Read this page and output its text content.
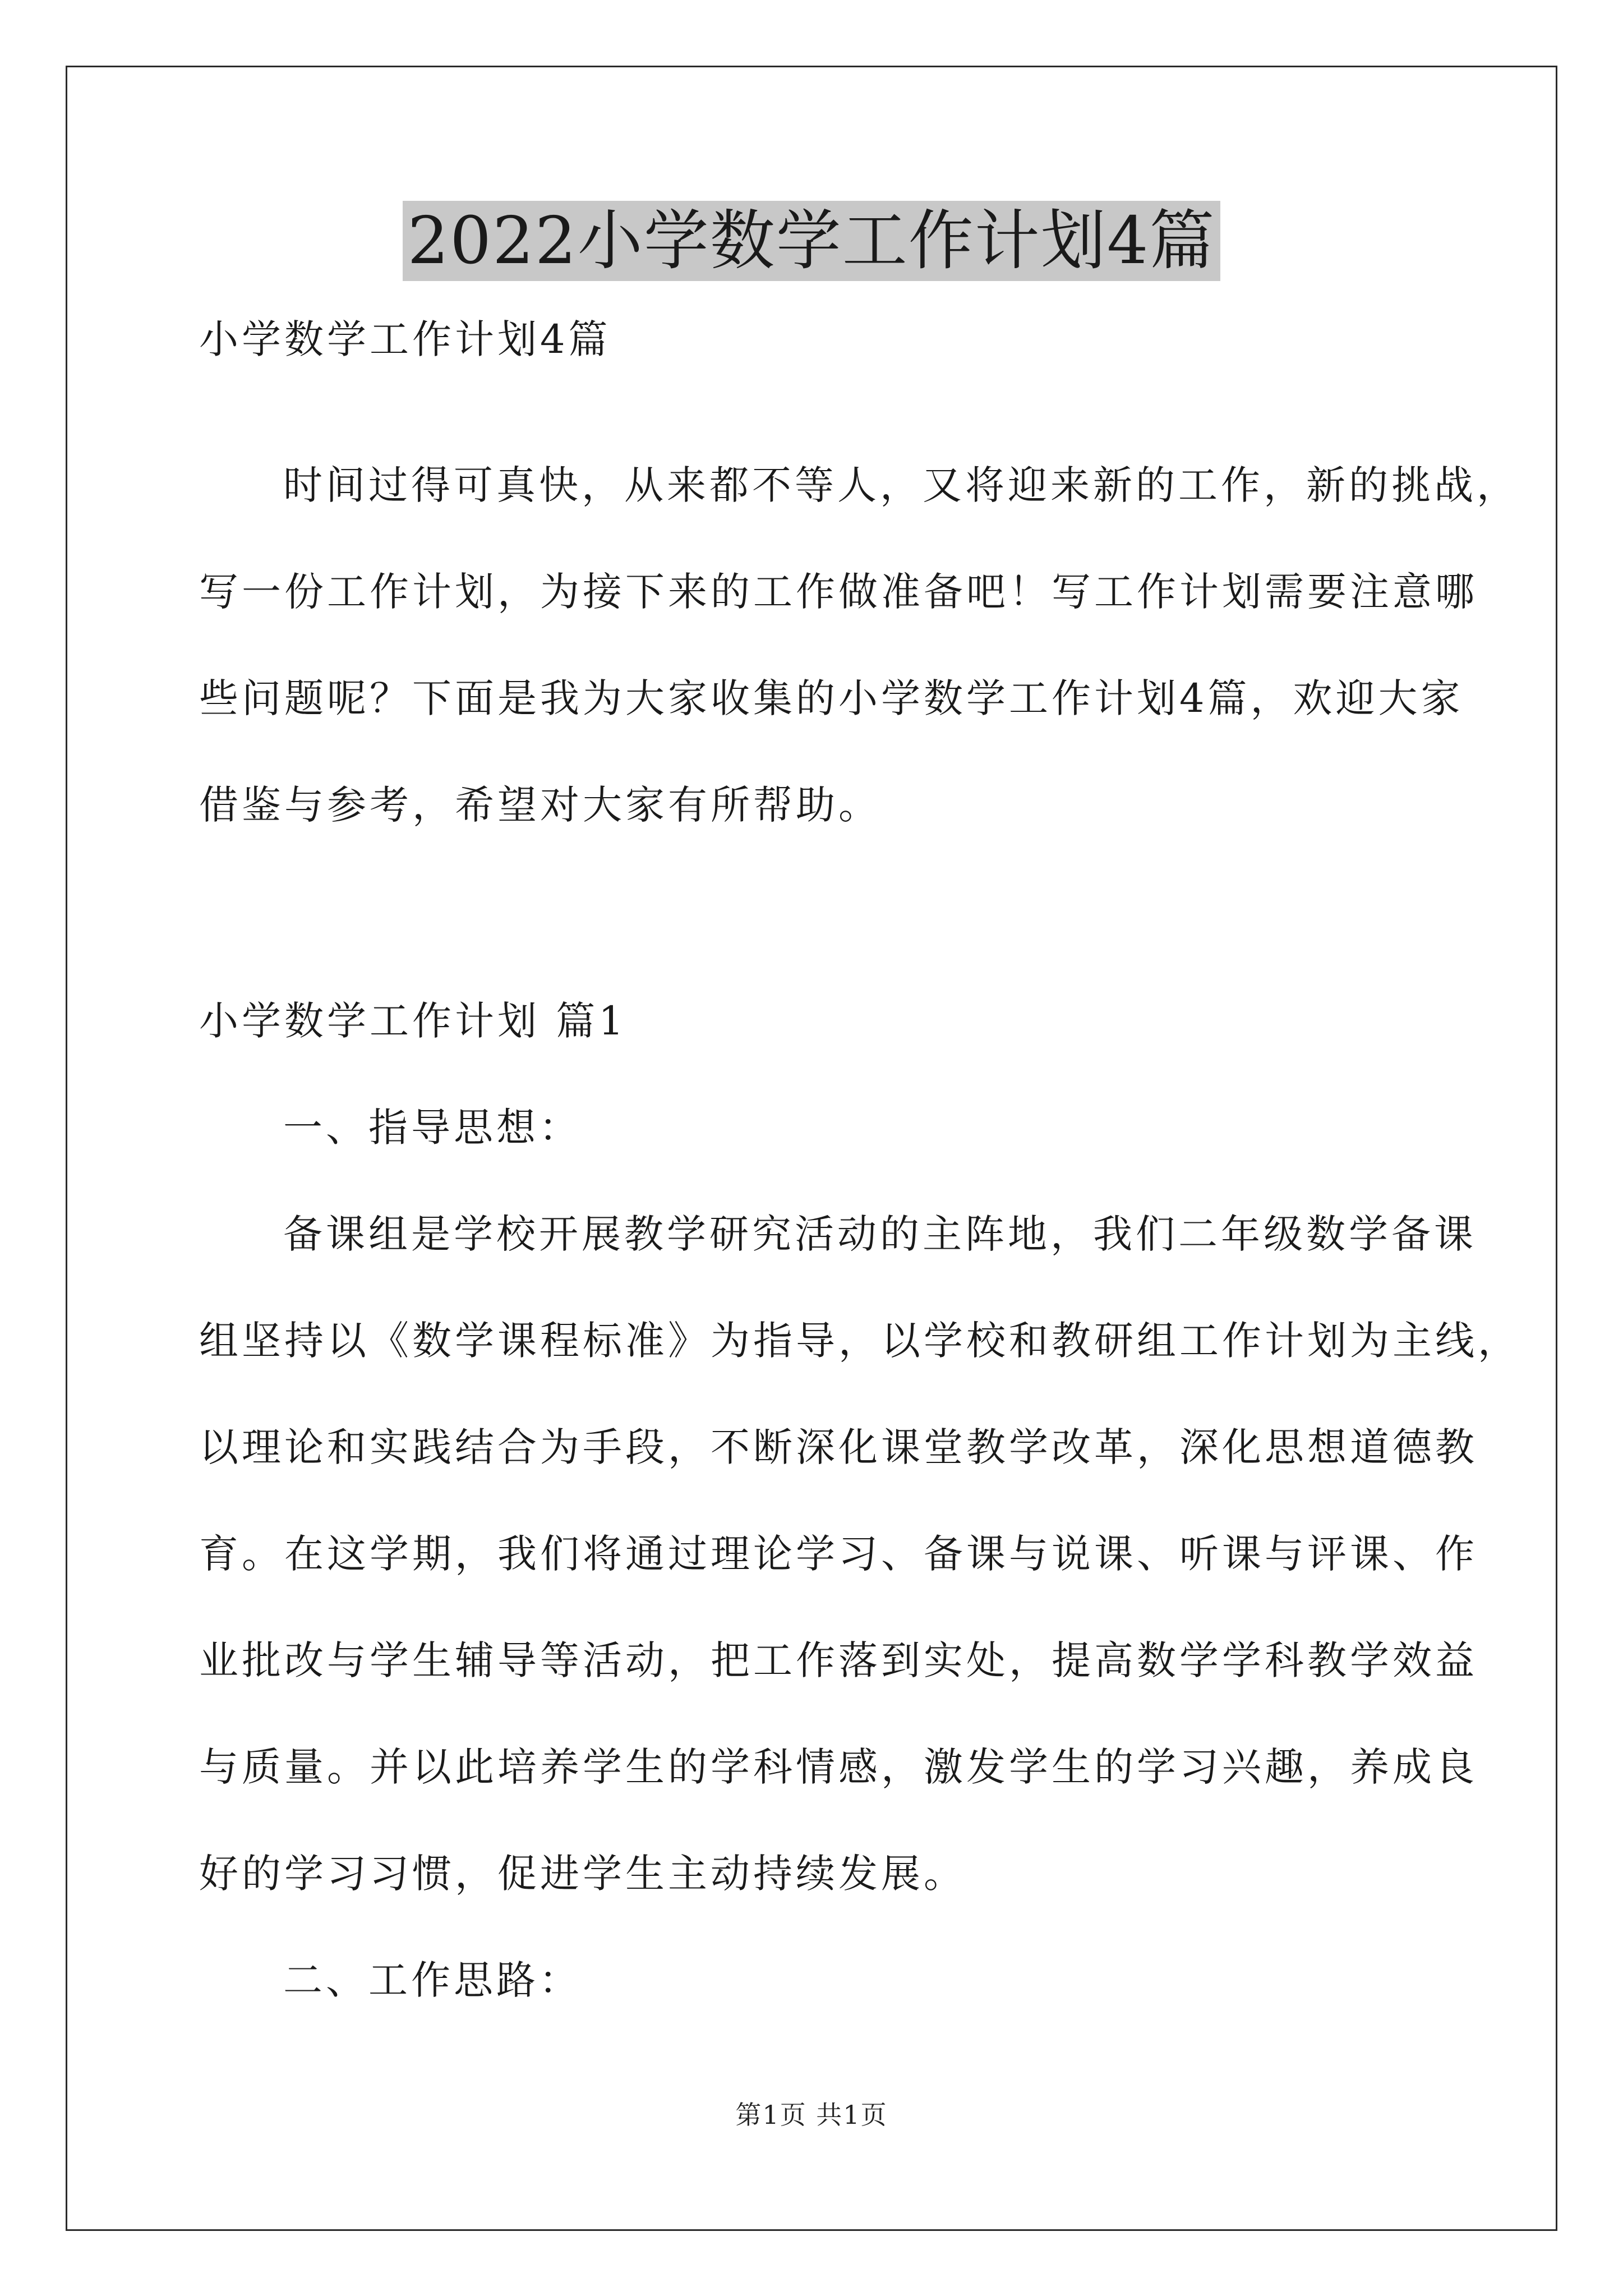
2022小学数学工作计划4篇
小学数学工作计划4篇
时间过得可真快，从来都不等人，又将迎来新的工作，新的挑战，
写一份工作计划，为接下来的工作做准备吧！写工作计划需要注意哪
些问题呢？下面是我为大家收集的小学数学工作计划4篇，欢迎大家
借鉴与参考，希望对大家有所帮助。
小学数学工作计划 篇1
一、指导思想：
备课组是学校开展教学研究活动的主阵地，我们二年级数学备课
组坚持以《数学课程标准》为指导，以学校和教研组工作计划为主线，
以理论和实践结合为手段，不断深化课堂教学改革，深化思想道德教
育。在这学期，我们将通过理论学习、备课与说课、听课与评课、作
业批改与学生辅导等活动，把工作落到实处，提高数学学科教学效益
与质量。并以此培养学生的学科情感，激发学生的学习兴趣，养成良
好的学习习惯，促进学生主动持续发展。
二、工作思路：
第1页 共1页
